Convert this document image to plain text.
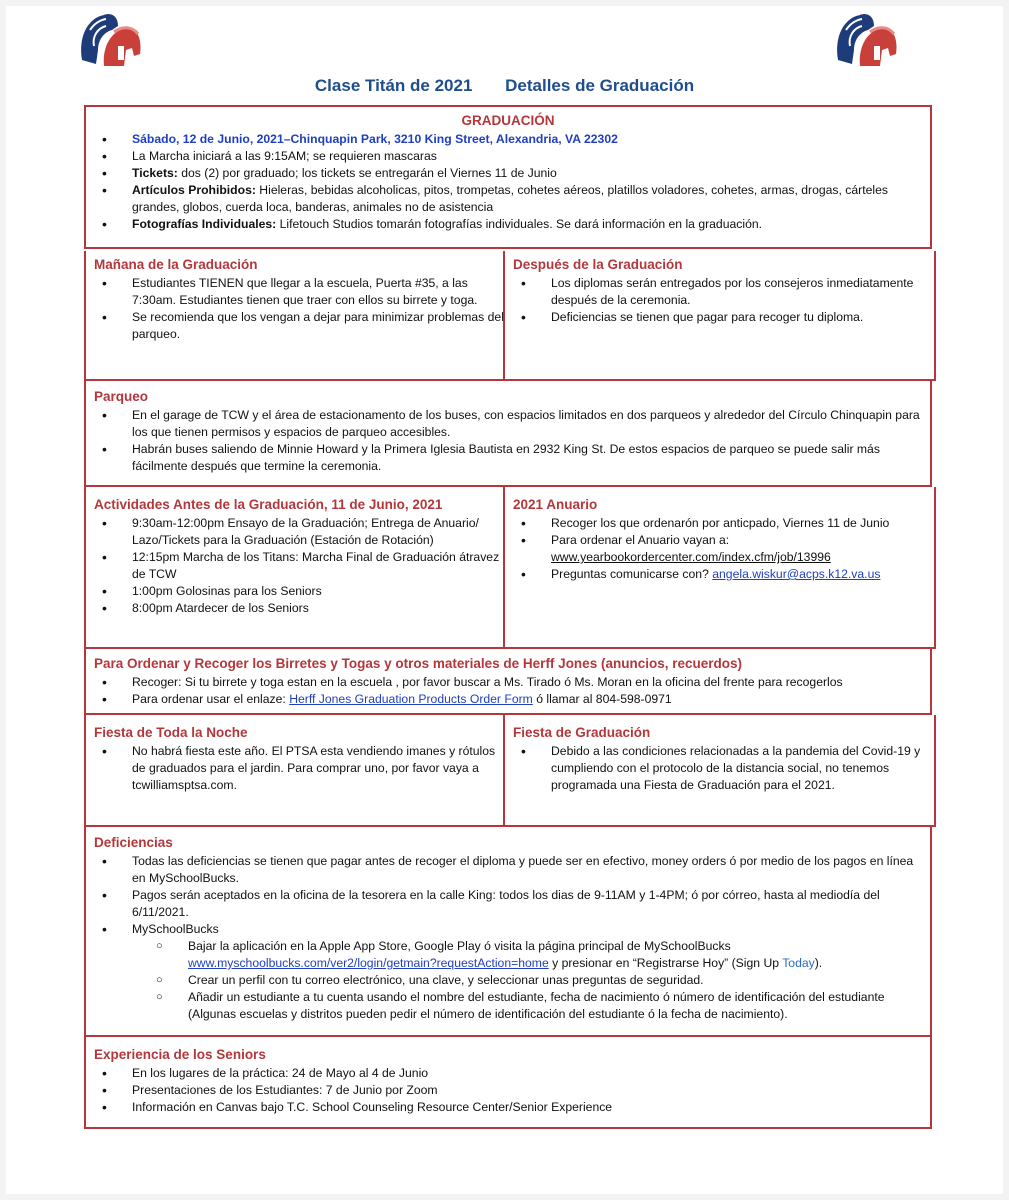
Clase Titán de 2021 Detalles de Graduación
GRADUACIÓN
• Sábado, 12 de Junio, 2021–Chinquapin Park, 3210 King Street, Alexandria, VA 22302
• La Marcha iniciará a las 9:15AM; se requieren mascaras
• Tickets: dos (2) por graduado; los tickets se entregarán el Viernes 11 de Junio
• Artículos Prohibidos: Hieleras, bebidas alcoholicas, pitos, trompetas, cohetes aéreos, platillos voladores, cohetes, armas, drogas, cárteles grandes, globos, cuerda loca, banderas, animales no de asistencia
• Fotografías Individuales: Lifetouch Studios tomarán fotografías individuales. Se dará información en la graduación.
Mañana de la Graduación
• Estudiantes TIENEN que llegar a la escuela, Puerta #35, a las 7:30am. Estudiantes tienen que traer con ellos su birrete y toga.
• Se recomienda que los vengan a dejar para minimizar problemas del parqueo.
Después de la Graduación
• Los diplomas serán entregados por los consejeros inmediatamente después de la ceremonia.
• Deficiencias se tienen que pagar para recoger tu diploma.
Parqueo
• En el garage de TCW y el área de estacionamento de los buses, con espacios limitados en dos parqueos y alrededor del Círculo Chinquapin para los que tienen permisos y espacios de parqueo accesibles.
• Habrán buses saliendo de Minnie Howard y la Primera Iglesia Bautista en 2932 King St. De estos espacios de parqueo se puede salir más fácilmente después que termine la ceremonia.
Actividades Antes de la Graduación, 11 de Junio, 2021
• 9:30am-12:00pm Ensayo de la Graduación; Entrega de Anuario/ Lazo/Tickets para la Graduación (Estación de Rotación)
• 12:15pm Marcha de los Titans: Marcha Final de Graduación átravez de TCW
• 1:00pm Golosinas para los Seniors
• 8:00pm Atardecer de los Seniors
2021 Anuario
• Recoger los que ordenarón por anticpado, Viernes 11 de Junio
• Para ordenar el Anuario vayan a:
www.yearbookordercenter.com/index.cfm/job/13996
• Preguntas comunicarse con? angela.wiskur@acps.k12.va.us
Para Ordenar y Recoger los Birretes y Togas y otros materiales de Herff Jones (anuncios, recuerdos)
• Recoger: Si tu birrete y toga estan en la escuela , por favor buscar a Ms. Tirado ó Ms. Moran en la oficina del frente para recogerlos
• Para ordenar usar el enlaze: Herff Jones Graduation Products Order Form ó llamar al 804-598-0971
Fiesta de Toda la Noche
• No habrá fiesta este año. El PTSA esta vendiendo imanes y rótulos de graduados para el jardin. Para comprar uno, por favor vaya a tcwilliamsptsa.com.
Fiesta de Graduación
• Debido a las condiciones relacionadas a la pandemia del Covid-19 y cumpliendo con el protocolo de la distancia social, no tenemos programada una Fiesta de Graduación para el 2021.
Deficiencias
• Todas las deficiencias se tienen que pagar antes de recoger el diploma y puede ser en efectivo, money orders ó por medio de los pagos en línea en MySchoolBucks.
• Pagos serán aceptados en la oficina de la tesorera en la calle King: todos los dias de 9-11AM y 1-4PM; ó por córreo, hasta al mediodía del 6/11/2021.
• MySchoolBucks
○ Bajar la aplicación en la Apple App Store, Google Play ó visita la página principal de MySchoolBucks
www.myschoolbucks.com/ver2/login/getmain?requestAction=home y presionar en “Registrarse Hoy” (Sign Up Today).
○ Crear un perfil con tu correo electrónico, una clave, y seleccionar unas preguntas de seguridad.
○ Añadir un estudiante a tu cuenta usando el nombre del estudiante, fecha de nacimiento ó número de identificación del estudiante (Algunas escuelas y distritos pueden pedir el número de identificación del estudiante ó la fecha de nacimiento).
Experiencia de los Seniors
• En los lugares de la práctica: 24 de Mayo al 4 de Junio
• Presentaciones de los Estudiantes: 7 de Junio por Zoom
• Información en Canvas bajo T.C. School Counseling Resource Center/Senior Experience
